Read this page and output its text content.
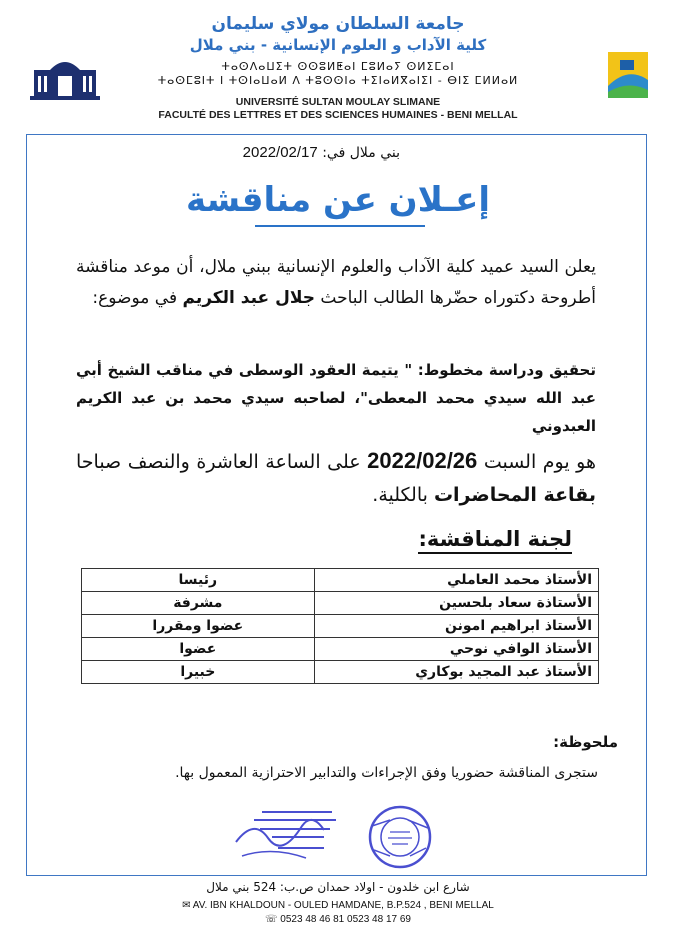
جامعة السلطان مولاي سليمان
كلية الآداب و العلوم الإنسانية - بني ملال
ⵜⴰⵙⴷⴰⵡⵉⵜ ⵙⵙⵓⵍⵟⴰⵏ ⵎⵓⵍⴰⵢ ⵙⵍⵉⵎⴰⵏ
ⵜⴰⵙⵎⵓⵏⵜ ⵏ ⵜⵙⵏⴰⵡⴰⵍ ⴷ ⵜⵓⵙⵙⵏⴰ ⵜⵉⵏⴰⵍⴳⴰⵏⵉⵏ - ⴱⵏⵉ ⵎⵍⵍⴰⵍ
UNIVERSITÉ SULTAN MOULAY SLIMANE
FACULTÉ DES LETTRES ET DES SCIENCES HUMAINES - BENI MELLAL
بني ملال في: 2022/02/17
إعـلان عن مناقشة
يعلن السيد عميد كلية الآداب والعلوم الإنسانية ببني ملال، أن موعد مناقشة أطروحة دكتوراه حضّرها الطالب الباحث جلال عبد الكريم في موضوع:
تحقيق ودراسة مخطوط: " يتيمة العقود الوسطى في مناقب الشيخ أبي عبد الله سيدي محمد المعطى"، لصاحبه سيدي محمد بن عبد الكريم العبدوني
هو يوم السبت 2022/02/26 على الساعة العاشرة والنصف صباحا بقاعة المحاضرات بالكلية.
لجنة المناقشة:
الأستاذ محمد العاملي	رئيسا
الأستاذة سعاد بلحسين	مشرفة
الأستاذ ابراهيم امونن	عضوا ومقررا
الأستاذ الوافي نوحي	عضوا
الأستاذ عبد المجيد بوكاري	خبيرا
ملحوظة:
ستجرى المناقشة حضوريا وفق الإجراءات والتدابير الاحترازية المعمول بها.
شارع ابن خلدون - اولاد حمدان ص.ب: 524 بني ملال
✉ AV. IBN KHALDOUN - OULED HAMDANE, B.P.524 , BENI MELLAL
☏ 0523 48 46 81 0523 48 17 69
